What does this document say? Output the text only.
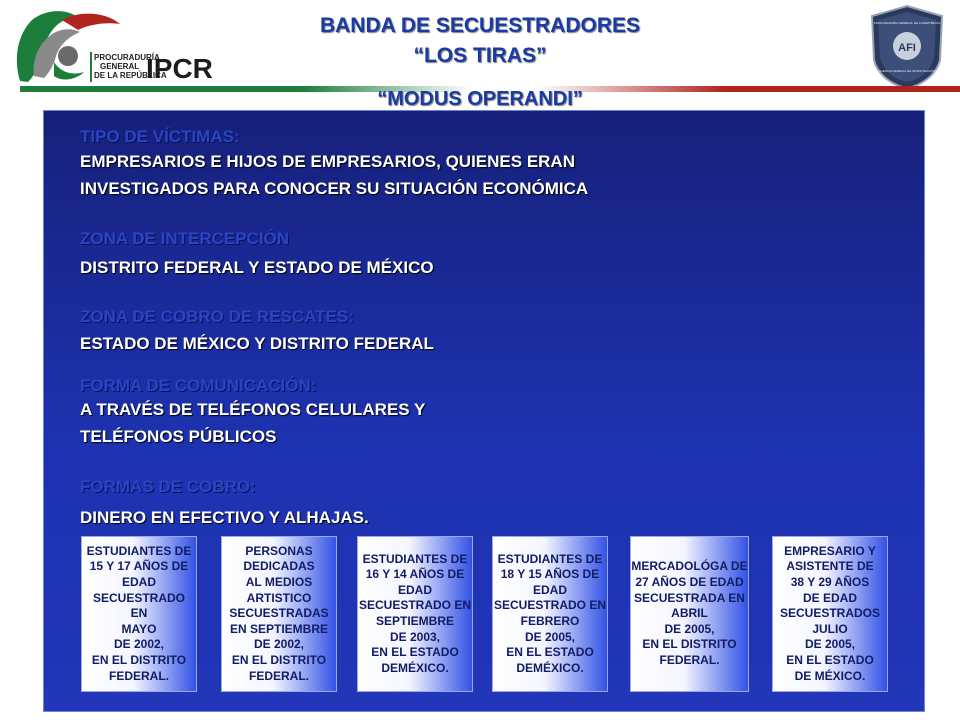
PROCURADURÍA
GENERAL
DE LA REPÚBLICA
IPCR
AFI
PROCURADURÍA GENERAL DE LA REPÚBLICA
AGENCIA FEDERAL DE INVESTIGACIÓN
BANDA DE SECUESTRADORES
“LOS TIRAS”
“MODUS OPERANDI”
TIPO DE VÍCTIMAS:
EMPRESARIOS E HIJOS DE EMPRESARIOS, QUIENES ERAN
INVESTIGADOS PARA CONOCER SU SITUACIÓN ECONÓMICA
ZONA DE INTERCEPCIÓN
DISTRITO FEDERAL Y ESTADO DE MÉXICO
ZONA DE COBRO DE RESCATES:
ESTADO DE MÉXICO Y DISTRITO FEDERAL
FORMA DE COMUNICACIÓN:
A TRAVÉS DE TELÉFONOS CELULARES Y
TELÉFONOS PÚBLICOS
FORMAS DE COBRO:
DINERO EN EFECTIVO Y ALHAJAS.
ESTUDIANTES DE
15 Y 17 AÑOS DE
EDAD
SECUESTRADO
EN
MAYO
DE 2002,
EN EL DISTRITO
FEDERAL.
PERSONAS
DEDICADAS
AL MEDIOS
ARTISTICO
SECUESTRADAS
EN SEPTIEMBRE
DE 2002,
EN EL DISTRITO
FEDERAL.
ESTUDIANTES DE
16 Y 14 AÑOS DE
EDAD
SECUESTRADO EN
SEPTIEMBRE
DE 2003,
EN EL ESTADO
DEMÉXICO.
ESTUDIANTES DE
18 Y 15 AÑOS DE
EDAD
SECUESTRADO EN
FEBRERO
DE 2005,
EN EL ESTADO
DEMÉXICO.
MERCADOLÓGA DE
27 AÑOS DE EDAD
SECUESTRADA EN
ABRIL
DE 2005,
EN EL DISTRITO
FEDERAL.
EMPRESARIO Y
ASISTENTE DE
38 Y 29 AÑOS
DE EDAD
SECUESTRADOS
JULIO
DE 2005,
EN EL ESTADO
DE MÉXICO.
